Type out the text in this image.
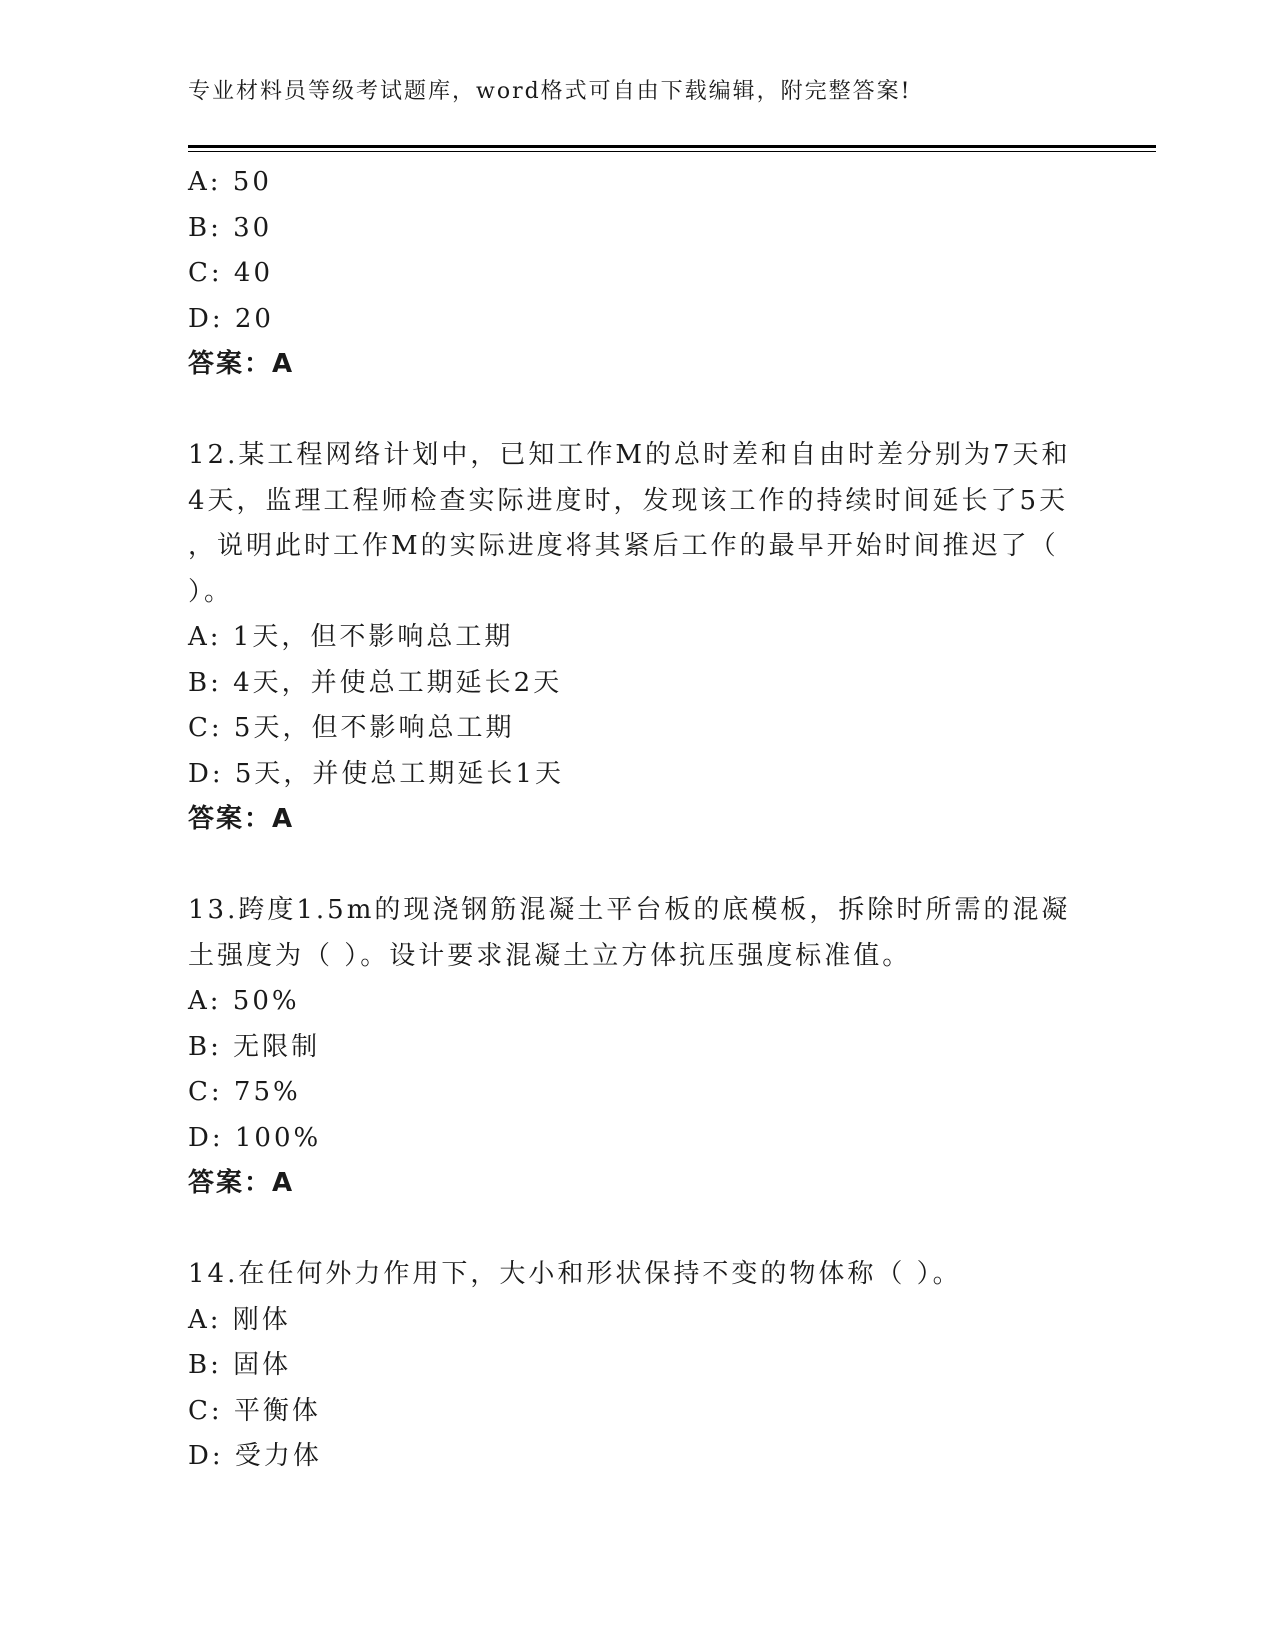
专业材料员等级考试题库，word格式可自由下载编辑，附完整答案!
A: 50
B: 30
C: 40
D: 20
答案：A
12.某工程网络计划中，已知工作M的总时差和自由时差分别为7天和
4天，监理工程师检查实际进度时，发现该工作的持续时间延长了5天
，说明此时工作M的实际进度将其紧后工作的最早开始时间推迟了（
）。
A: 1天，但不影响总工期
B: 4天，并使总工期延长2天
C: 5天，但不影响总工期
D: 5天，并使总工期延长1天
答案：A
13.跨度1.5m的现浇钢筋混凝土平台板的底模板，拆除时所需的混凝
土强度为（ ）。设计要求混凝土立方体抗压强度标准值。
A: 50%
B: 无限制
C: 75%
D: 100%
答案：A
14.在任何外力作用下，大小和形状保持不变的物体称（ ）。
A: 刚体
B: 固体
C: 平衡体
D: 受力体
